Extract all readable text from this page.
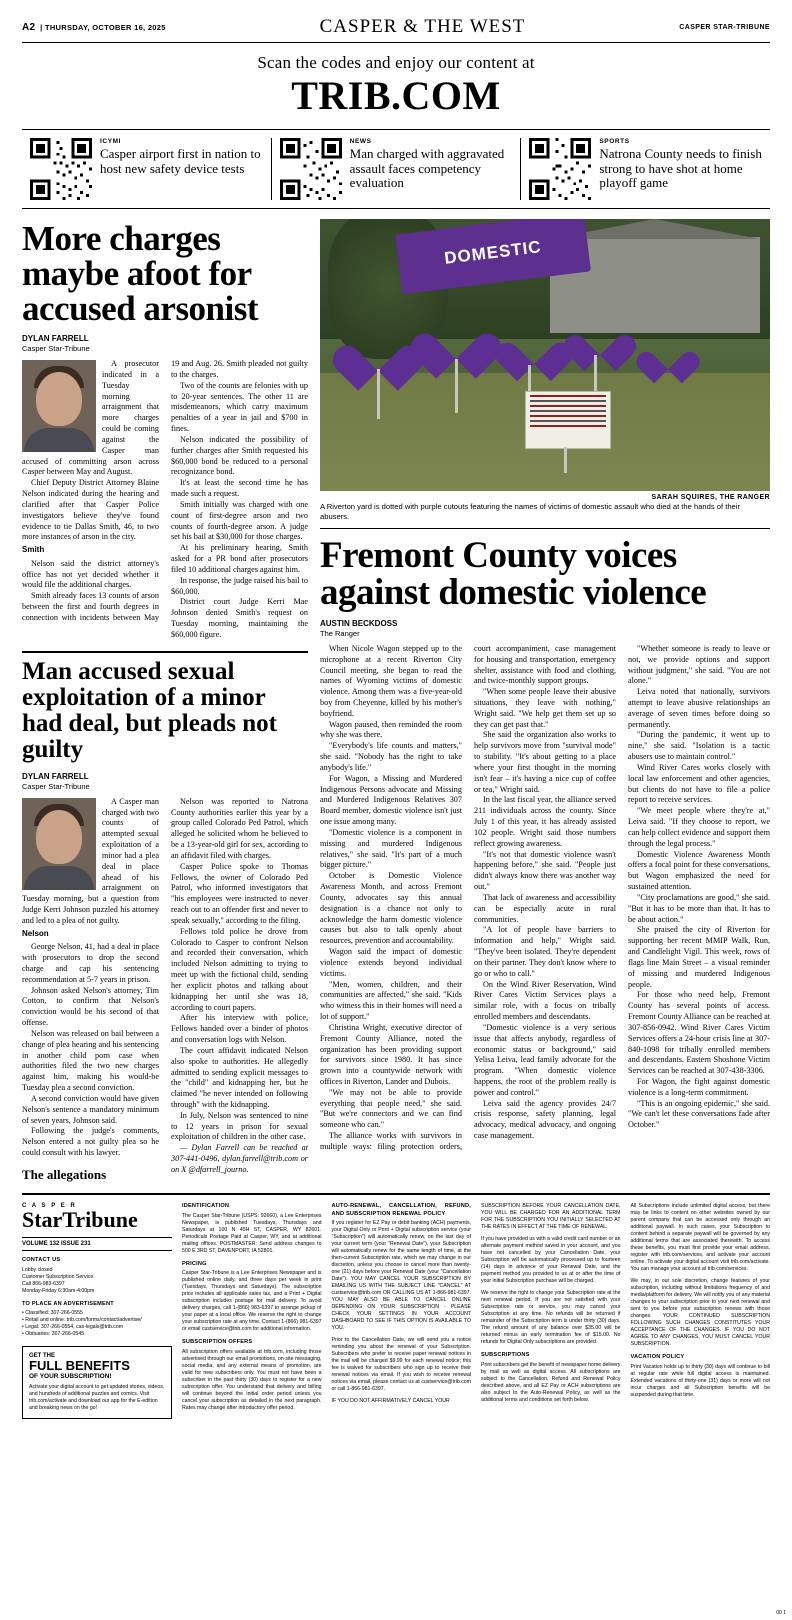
A2  | THURSDAY, OCTOBER 16, 2025	CASPER & THE WEST	CASPER STAR-TRIBUNE
Scan the codes and enjoy our content at
TRIB.COM
ICYMI
Casper airport first in nation to host new safety device tests
NEWS
Man charged with aggravated assault faces competency evaluation
SPORTS
Natrona County needs to finish strong to have shot at home playoff game
More charges maybe afoot for accused arsonist
DYLAN FARRELL
Casper Star-Tribune

A prosecutor indicated in a Tuesday morning arraignment that more charges could be coming against the Casper man accused of committing arson across Casper between May and August.

Chief Deputy District Attorney Blaine Nelson indicated during the hearing and clarified after that Casper Police investigators believe they've found evidence to tie Dallas Smith, 46, to two more instances of arson in the city.

Smith

Nelson said the district attorney's office has not yet decided whether it would file the additional charges.

Smith already faces 13 counts of arson between the first and fourth degrees in connection with incidents between May 19 and Aug. 26. Smith pleaded not guilty to the charges.

Two of the counts are felonies with up to 20-year sentences. The other 11 are misdemeanors, which carry maximum penalties of a year in jail and $700 in fines.

Nelson indicated the possibility of further charges after Smith requested his $60,000 bond be reduced to a personal recognizance bond.

It's at least the second time he has made such a request.

Smith initially was charged with one count of first-degree arson and two counts of fourth-degree arson. A judge set his bail at $30,000 for those charges.

At his preliminary hearing, Smith asked for a PR bond after prosecutors filed 10 additional charges against him.

In response, the judge raised his bail to $60,000.

District court Judge Kerri Mae Johnson denied Smith's request on Tuesday morning, maintaining the $60,000 figure.

Man accused sexual exploitation of a minor had deal, but pleads not guilty
DYLAN FARRELL
Casper Star-Tribune

A Casper man charged with two counts of attempted sexual exploitation of a minor had a plea deal in place ahead of his arraignment on Tuesday morning, but a question from Judge Kerri Johnson puzzled his attorney and led to a plea of not guilty.

Nelson

George Nelson, 41, had a deal in place with prosecutors to drop the second charge and cap his sentencing recommendation at 5-7 years in prison.

Johnson asked Nelson's attorney, Tim Cotton, to confirm that Nelson's conviction would be his second of that offense.

Nelson was released on bail between a change of plea hearing and his sentencing in another child porn case when authorities filed the two new charges against him, making his would-be Tuesday plea a second conviction.

A second conviction would have given Nelson's sentence a mandatory minimum of seven years, Johnson said.

Following the judge's comments, Nelson entered a not guilty plea so he could consult with his lawyer.

The allegations

Nelson was reported to Natrona County authorities earlier this year by a group called Colorado Ped Patrol, which alleged he solicited whom he believed to be a 13-year-old girl for sex, according to an affidavit filed with charges.

Casper Police spoke to Thomas Fellows, the owner of Colorado Ped Patrol, who informed investigators that "his employees were instructed to never reach out to an offender first and never to speak sexually," according to the filing.

Fellows told police he drove from Colorado to Casper to confront Nelson and recorded their conversation, which included Nelson admitting to trying to meet up with the fictional child, sending her explicit photos and talking about kidnapping her until she was 18, according to court papers.

After his interview with police, Fellows handed over a binder of photos and conversation logs with Nelson.

The court affidavit indicated Nelson also spoke to authorities. He allegedly admitted to sending explicit messages to the "child" and kidnapping her, but he claimed "he never intended on following through" with the kidnapping.

In July, Nelson was sentenced to nine to 12 years in prison for sexual exploitation of children in the other case.

— Dylan Farrell can be reached at 307-441-0496, dylan.farrell@trib.com or on X @dfarrell_journo.

DOMESTIC
SARAH SQUIRES, THE RANGER
A Riverton yard is dotted with purple cutouts featuring the names of victims of domestic assault who died at the hands of their abusers.
Fremont County voices against domestic violence
AUSTIN BECKDOSS
The Ranger

When Nicole Wagon stepped up to the microphone at a recent Riverton City Council meeting, she began to read the names of Wyoming victims of domestic violence. Among them was a five-year-old boy from Cheyenne, killed by his mother's boyfriend.

Wagon paused, then reminded the room why she was there.

"Everybody's life counts and matters," she said. "Nobody has the right to take anybody's life."

For Wagon, a Missing and Murdered Indigenous Persons advocate and Missing and Murdered Indigenous Relatives 307 Board member, domestic violence isn't just one issue among many.

"Domestic violence is a component in missing and murdered Indigenous relatives," she said. "It's part of a much bigger picture."

October is Domestic Violence Awareness Month, and across Fremont County, advocates say this annual designation is a chance not only to acknowledge the harm domestic violence causes but also to talk openly about resources, prevention and accountability.

Wagon said the impact of domestic violence extends beyond individual victims.

"Men, women, children, and their communities are affected," she said. "Kids who witness this in their homes will need a lot of support."

Christina Wright, executive director of Fremont County Alliance, noted the organization has been providing support for survivors since 1980. It has since grown into a countywide network with offices in Riverton, Lander and Dubois.

"We may not be able to provide everything that people need," she said. "But we're connectors and we can find someone who can."

The alliance works with survivors in multiple ways: filing protection orders, court accompaniment, case management for housing and transportation, emergency shelter, assistance with food and clothing, and twice-monthly support groups.

"When some people leave their abusive situations, they leave with nothing," Wright said. "We help get them set up so they can get past that."

She said the organization also works to help survivors move from "survival mode" to stability. "It's about getting to a place where your first thought in the morning isn't fear – it's having a nice cup of coffee or tea," Wright said.

In the last fiscal year, the alliance served 211 individuals across the county. Since July 1 of this year, it has already assisted 102 people. Wright said those numbers reflect growing awareness.

"It's not that domestic violence wasn't happening before," she said. "People just didn't always know there was another way out."

That lack of awareness and accessibility can be especially acute in rural communities.

"A lot of people have barriers to information and help," Wright said. "They've been isolated. They're dependent on their partner. They don't know where to go or who to call."

On the Wind River Reservation, Wind River Cares Victim Services plays a similar role, with a focus on tribally enrolled members and descendants.

"Domestic violence is a very serious issue that affects anybody, regardless of economic status or background," said Yelisa Leiva, lead family advocate for the program. "When domestic violence happens, the root of the problem really is power and control."

Leiva said the agency provides 24/7 crisis response, safety planning, legal advocacy, medical advocacy, and ongoing case management.

"Whether someone is ready to leave or not, we provide options and support without judgment," she said. "You are not alone."

Leiva noted that nationally, survivors attempt to leave abusive relationships an average of seven times before doing so permanently.

"During the pandemic, it went up to nine," she said. "Isolation is a tactic abusers use to maintain control."

Wind River Cares works closely with local law enforcement and other agencies, but clients do not have to file a police report to receive services.

"We meet people where they're at," Leiva said. "If they choose to report, we can help collect evidence and support them through the legal process."

Domestic Violence Awareness Month offers a focal point for these conversations, but Wagon emphasized the need for sustained attention.

"City proclamations are good," she said. "But it has to be more than that. It has to be about action."

She praised the city of Riverton for supporting her recent MMIP Walk, Run, and Candlelight Vigil. This week, rows of flags line Main Street – a visual reminder of missing and murdered Indigenous people.

For those who need help, Fremont County has several points of access. Fremont County Alliance can be reached at 307-856-0942. Wind River Cares Victim Services offers a 24-hour crisis line at 307-840-1098 for tribally enrolled members and descendants. Eastern Shoshone Victim Services can be reached at 307-438-3306.

For Wagon, the fight against domestic violence is a long-term commitment.

"This is an ongoing epidemic," she said. "We can't let these conversations fade after October."

C A S P E R
StarTribune
VOLUME 132 ISSUE 231
CONTACT US
Lobby closed
Customer Subscription Service:
Call 866-983-6397
Monday-Friday 6:30am-4:00pm
TO PLACE AN ADVERTISEMENT
• Classified: 307-266-0555
• Retail and online: trib.com/forms/contact/advertise/
• Legal: 307-266-0554, cas-legals@trib.com
• Obituaries: 307-266-0545
GET THE
FULL BENEFITS
OF YOUR SUBSCRIPTION!

Activate your digital account to get updated stories, videos, and hundreds of additional puzzles and comics. Visit trib.com/activate and download our app for the E-edition and breaking news on the go!

IDENTIFICATION
The Casper Star-Tribune (USPS: 92660), a Lee Enterprises Newspaper, is published Tuesdays, Thursdays and Saturdays at 100 N 45H ST, CASPER, WY 82601. Periodicals Postage Paid at Casper, WY, and at additional mailing offices. POSTMASTER: Send address changes to 500 E 3RD ST, DAVENPORT, IA 52801.
PRICING
Casper Star-Tribune is a Lee Enterprises Newspaper and is published online daily, and three days per week in print (Tuesdays, Thursdays and Saturdays). The subscription price includes all applicable sales tax, and a Print + Digital subscription includes postage for mail delivery. To avoid delivery charges, call 1-(866) 983-6397 to arrange pickup of your paper at a local office. We reserve the right to change your subscription rate at any time. Contact 1-(866) 981-6397 or email custservice@trib.com for additional information.
SUBSCRIPTION OFFERS
All subscription offers available at trib.com, including those advertised through our email promotions, on-site messaging, social media, and any external means of promotion, are valid for new subscribers only. You must not have been a subscriber in the past thirty (30) days to register for a new subscription offer. You understand that delivery and billing will continue beyond the initial order period unless you cancel your subscription as detailed in the next paragraph. Rates may change after introductory offer period.
AUTO-RENEWAL, CANCELLATION, REFUND, AND SUBSCRIPTION RENEWAL POLICY
If you register for EZ Pay or debit banking (ACH) payments, your Digital Only or Print + Digital subscription service (your "Subscription") will automatically renew, on the last day of your current term (your "Renewal Date"), your Subscription will automatically renew for the same length of time, at the then-current Subscription rate, which we may change in our discretion, unless you choose to cancel more than twenty-one (21) days before your Renewal Date (your "Cancellation Date"). YOU MAY CANCEL YOUR SUBSCRIPTION BY EMAILING US WITH THE SUBJECT LINE "CANCEL" AT custservice@trib.com OR CALLING US AT 1-866-981-6397. YOU MAY ALSO BE ABLE TO CANCEL ONLINE DEPENDING ON YOUR SUBSCRIPTION - PLEASE CHECK YOUR SETTINGS IN YOUR ACCOUNT DASHBOARD TO SEE IF THIS OPTION IS AVAILABLE TO YOU.
Prior to the Cancellation Date, we will send you a notice reminding you about the renewal of your Subscription. Subscribers who prefer to receive paper renewal notices in the mail will be charged $9.99 for each renewal notice; this fee is waived for subscribers who sign up to receive their renewal notices via email. If you wish to receive renewal notices via email, please contact us at custservice@trib.com or call 1-866-981-6397.
IF YOU DO NOT AFFIRMATIVELY CANCEL YOUR
SUBSCRIPTION BEFORE YOUR CANCELLATION DATE, YOU WILL BE CHARGED FOR AN ADDITIONAL TERM FOR THE SUBSCRIPTION YOU INITIALLY SELECTED AT THE RATES IN EFFECT AT THE TIME OF RENEWAL.
If you have provided us with a valid credit card number or an alternate payment method saved in your account, and you have not cancelled by your Cancellation Date, your Subscription will be automatically processed up to fourteen (14) days in advance of your Renewal Date, and the payment method you provided to us at or after the time of your initial Subscription purchase will be charged.
We reserve the right to change your Subscription rate at the next renewal period. If you are not satisfied with your Subscription rate or service, you may cancel your Subscription at any time. No refunds will be returned if remainder of the Subscription term is under thirty (30) days. The refund amount of any balance over $35.00 will be returned minus an early termination fee of $15.00. No refunds for Digital Only subscriptions are provided.
SUBSCRIPTIONS
Print subscribers get the benefit of newspaper home delivery by mail as well as digital access. All subscriptions are subject to the Cancellation, Refund and Renewal Policy described above, and all EZ Pay or ACH subscriptions are also subject to the Auto-Renewal Policy, as well as the additional terms and conditions set forth below.
All Subscriptions include unlimited digital access, but there may be links to content on other websites owned by our parent company that can be accessed only through an additional paywall. In such cases, your Subscription to content behind a separate paywall will be governed by any additional terms that are associated therewith. To access these benefits, you must first provide your email address, register with trib.com/services, and activate your account online. To activate your digital account visit trib.com/activate. You can manage your account at trib.com/services.
We may, in our sole discretion, change features of your subscription, including without limitations frequency of and media/platform for delivery. We will notify you of any material changes to your subscription prior to your next renewal and sent to you before your subscription renews with those changes. YOUR CONTINUED SUBSCRIPTION FOLLOWING SUCH CHANGES CONSTITUTES YOUR ACCEPTANCE OF THE CHANGES. IF YOU DO NOT AGREE TO ANY CHANGES, YOU MUST CANCEL YOUR SUBSCRIPTION.
VACATION POLICY
Print Vacation holds up to thirty (30) days will continue to bill at regular rate while full digital access is maintained. Extended vacations of thirty-one (31) days or more will not incur charges and all Subscription benefits will be suspended during that time.
00 1
